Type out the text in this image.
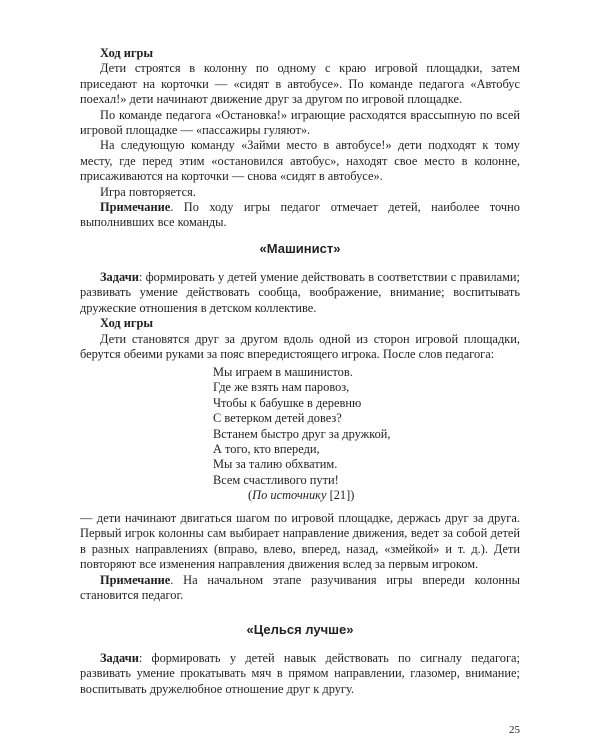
Ход игры

Дети строятся в колонну по одному с краю игровой площадки, затем приседают на корточки — «сидят в автобусе». По команде педагога «Автобус поехал!» дети начинают движение друг за другом по игровой площадке.

По команде педагога «Остановка!» играющие расходятся врассыпную по всей игровой площадке — «пассажиры гуляют».

На следующую команду «Займи место в автобусе!» дети подходят к тому месту, где перед этим «остановился автобус», находят свое место в колонне, присаживаются на корточки — снова «сидят в автобусе».

Игра повторяется.

Примечание. По ходу игры педагог отмечает детей, наиболее точно выполнивших все команды.

«Машинист»

Задачи: формировать у детей умение действовать в соответствии с правилами; развивать умение действовать сообща, воображение, внимание; воспитывать дружеские отношения в детском коллективе.

Ход игры

Дети становятся друг за другом вдоль одной из сторон игровой площадки, берутся обеими руками за пояс впередистоящего игрока. После слов педагога:

Мы играем в машинистов.
Где же взять нам паровоз,
Чтобы к бабушке в деревню
С ветерком детей довез?
Встанем быстро друг за дружкой,
А того, кто впереди,
Мы за талию обхватим.
Всем счастливого пути!
(По источнику [21])

— дети начинают двигаться шагом по игровой площадке, держась друг за друга. Первый игрок колонны сам выбирает направление движения, ведет за собой детей в разных направлениях (вправо, влево, вперед, назад, «змейкой» и т. д.). Дети повторяют все изменения направления движения вслед за первым игроком.

Примечание. На начальном этапе разучивания игры впереди колонны становится педагог.

«Целься лучше»

Задачи: формировать у детей навык действовать по сигналу педагога; развивать умение прокатывать мяч в прямом направлении, глазомер, внимание; воспитывать дружелюбное отношение друг к другу.

25
